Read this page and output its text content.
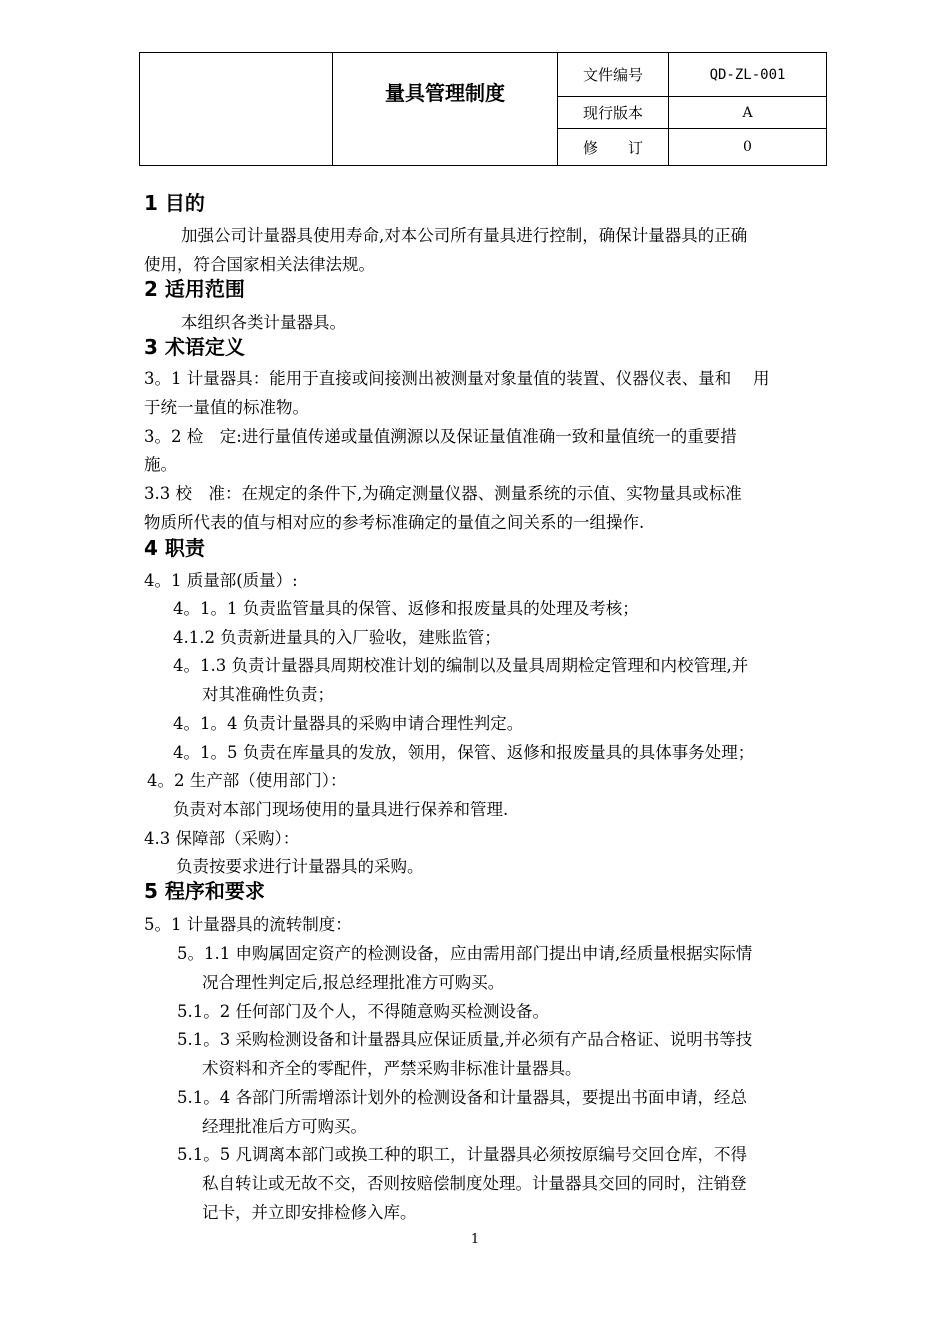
量具管理制度
文件编号	QD-ZL-001
现行版本	A
修　　订	0
1 目的
加强公司计量器具使用寿命,对本公司所有量具进行控制，确保计量器具的正确
使用，符合国家相关法律法规。
2 适用范围
本组织各类计量器具。
3 术语定义
3。1 计量器具：能用于直接或间接测出被测量对象量值的装置、仪器仪表、量和　 用
于统一量值的标准物。
3。2 检　定:进行量值传递或量值溯源以及保证量值准确一致和量值统一的重要措
施。
3.3 校　准：在规定的条件下,为确定测量仪器、测量系统的示值、实物量具或标准
物质所代表的值与相对应的参考标准确定的量值之间关系的一组操作.
4 职责
4。1 质量部(质量）:
4。1。1 负责监管量具的保管、返修和报废量具的处理及考核；
4.1.2 负责新进量具的入厂验收，建账监管；
4。1.3 负责计量器具周期校准计划的编制以及量具周期检定管理和内校管理,并
对其准确性负责；
4。1。4 负责计量器具的采购申请合理性判定。
4。1。5 负责在库量具的发放，领用，保管、返修和报废量具的具体事务处理；
4。2 生产部（使用部门）：
负责对本部门现场使用的量具进行保养和管理.
4.3 保障部（采购）：
负责按要求进行计量器具的采购。
5 程序和要求
5。1 计量器具的流转制度：
5。1.1 申购属固定资产的检测设备，应由需用部门提出申请,经质量根据实际情
况合理性判定后,报总经理批准方可购买。
5.1。2 任何部门及个人，不得随意购买检测设备。
5.1。3 采购检测设备和计量器具应保证质量,并必须有产品合格证、说明书等技
术资料和齐全的零配件，严禁采购非标准计量器具。
5.1。4 各部门所需增添计划外的检测设备和计量器具，要提出书面申请，经总
经理批准后方可购买。
5.1。5 凡调离本部门或换工种的职工，计量器具必须按原编号交回仓库，不得
私自转让或无故不交，否则按赔偿制度处理。计量器具交回的同时，注销登
记卡，并立即安排检修入库。
1
